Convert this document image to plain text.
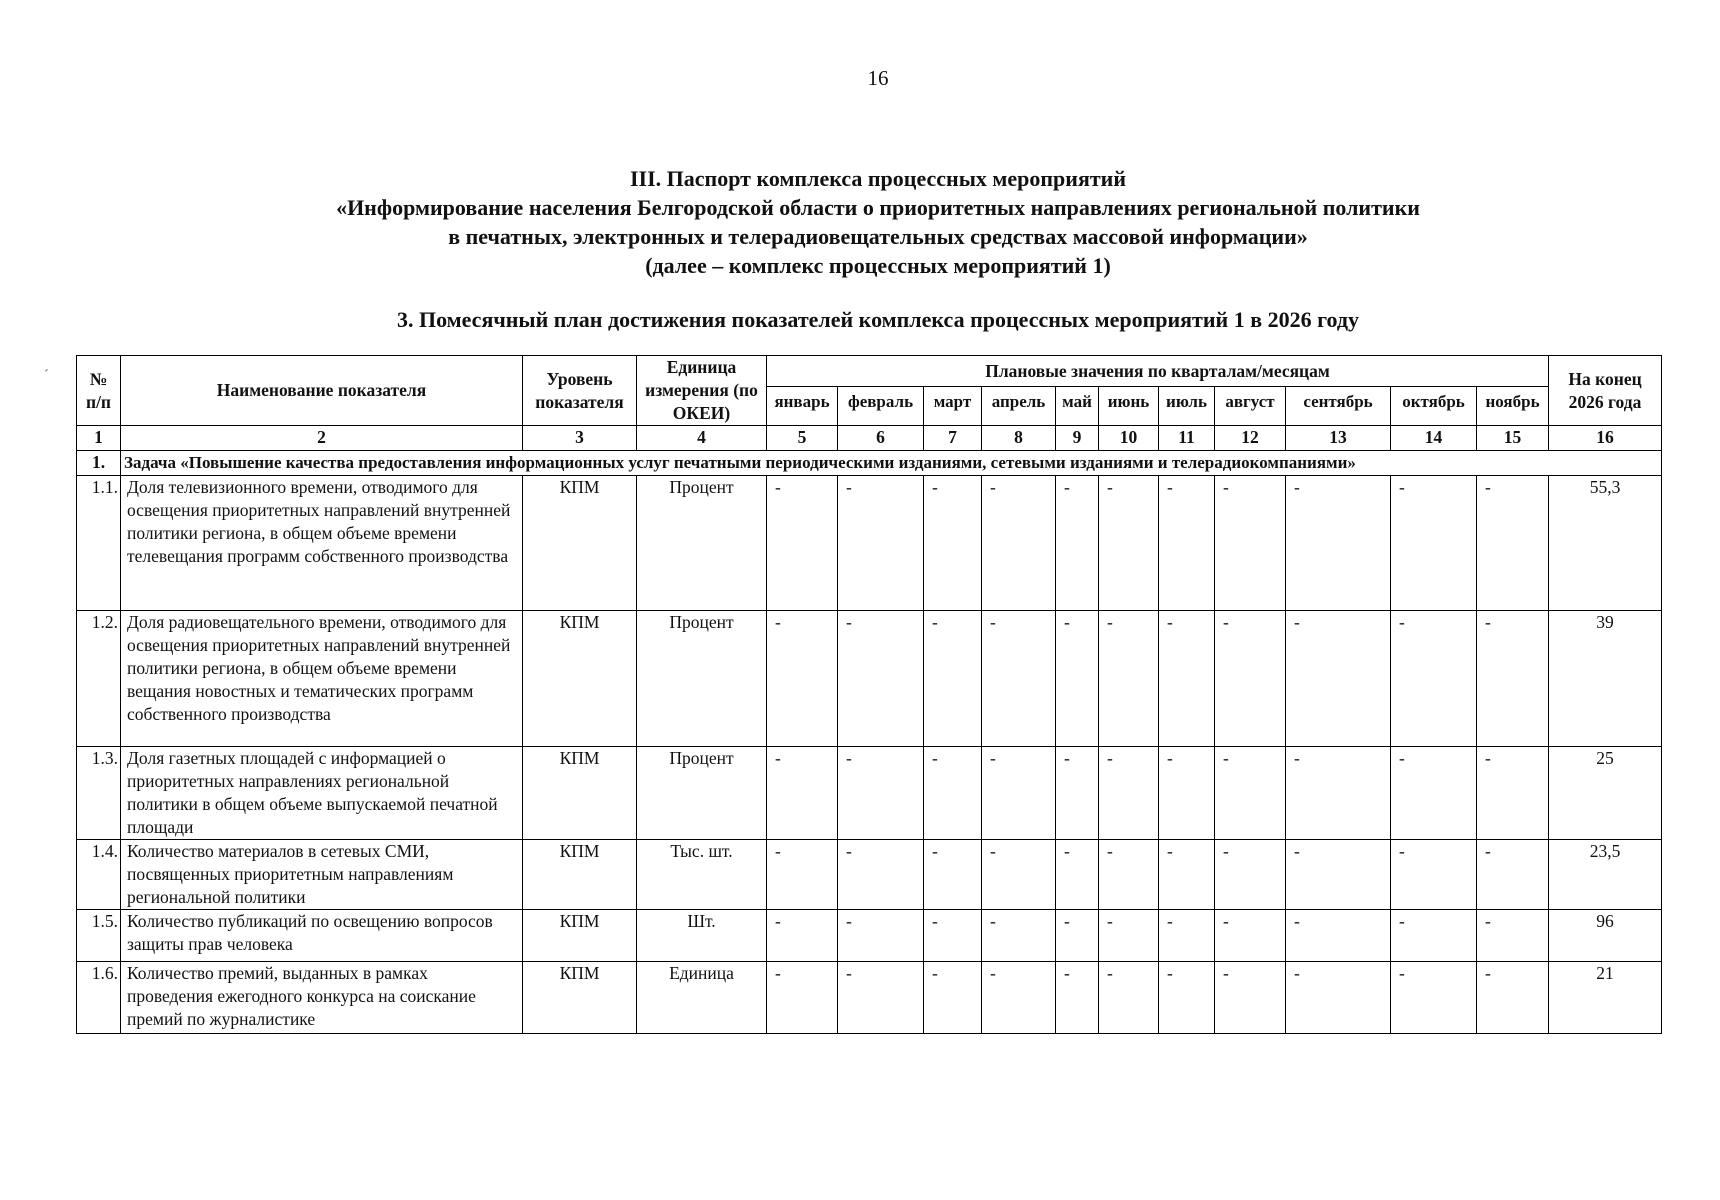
16
III. Паспорт комплекса процессных мероприятий
«Информирование населения Белгородской области о приоритетных направлениях региональной политики
в печатных, электронных и телерадиовещательных средствах массовой информации»
(далее – комплекс процессных мероприятий 1)
3. Помесячный план достижения показателей комплекса процессных мероприятий 1 в 2026 году
№ п/п	Наименование показателя	Уровень показателя	Единица измерения (по ОКЕИ)	Плановые значения по кварталам/месяцам											На конец 2026 года
				январь	февраль	март	апрель	май	июнь	июль	август	сентябрь	октябрь	ноябрь	
1	2	3	4	5	6	7	8	9	10	11	12	13	14	15	16
1.	Задача «Повышение качества предоставления информационных услуг печатными периодическими изданиями, сетевыми изданиями и телерадиокомпаниями»														
1.1.	Доля телевизионного времени, отводимого для освещения приоритетных направлений внутренней политики региона, в общем объеме времени телевещания программ собственного производства	КПМ	Процент	-	-	-	-	-	-	-	-	-	-	-	55,3
1.2.	Доля радиовещательного времени, отводимого для освещения приоритетных направлений внутренней политики региона, в общем объеме времени вещания новостных и тематических программ собственного производства	КПМ	Процент	-	-	-	-	-	-	-	-	-	-	-	39
1.3.	Доля газетных площадей с информацией о приоритетных направлениях региональной политики в общем объеме выпускаемой печатной площади	КПМ	Процент	-	-	-	-	-	-	-	-	-	-	-	25
1.4.	Количество материалов в сетевых СМИ, посвященных приоритетным направлениям региональной политики	КПМ	Тыс. шт.	-	-	-	-	-	-	-	-	-	-	-	23,5
1.5.	Количество публикаций по освещению вопросов защиты прав человека	КПМ	Шт.	-	-	-	-	-	-	-	-	-	-	-	96
1.6.	Количество премий, выданных в рамках проведения ежегодного конкурса на соискание премий по журналистике	КПМ	Единица	-	-	-	-	-	-	-	-	-	-	-	21
´
